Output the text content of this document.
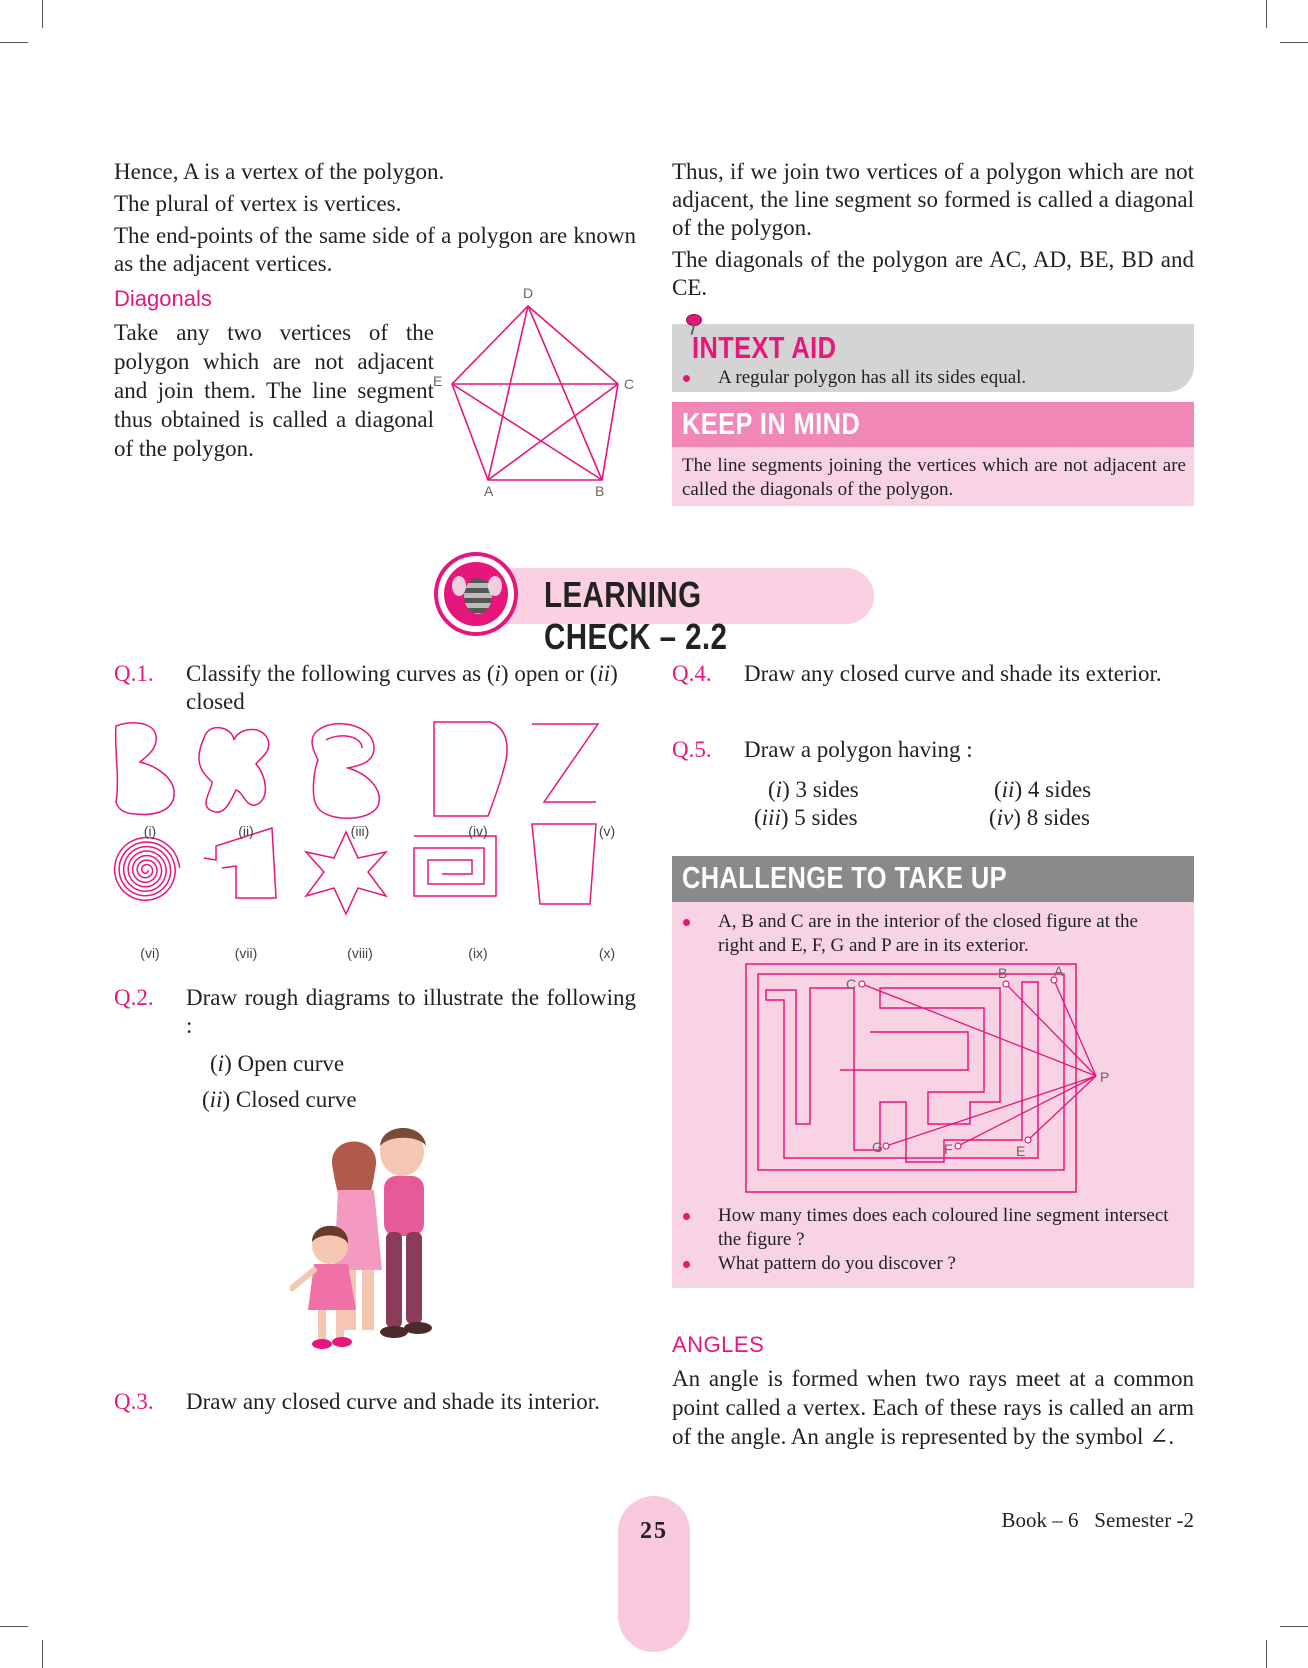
Hence, A is a vertex of the polygon.

The plural of vertex is vertices.

The end-points of the same side of a polygon are known as the adjacent vertices.

Diagonals

Take any two vertices of the polygon which are not adjacent and join them. The line segment thus obtained is called a diagonal of the polygon.

D
C
E
A	B

Thus, if we join two vertices of a polygon which are not adjacent, the line segment so formed is called a diagonal of the polygon.

The diagonals of the polygon are AC, AD, BE, BD and CE.

INTEXT AID
A regular polygon has all its sides equal.
KEEP IN MIND

The line segments joining the vertices which are not adjacent are called the diagonals of the polygon.

LEARNING CHECK – 2.2
Q.1. Classify the following curves as (i) open or (ii) closed
(i)	(ii)	(iii)	(iv)	(v)
(vi)	(vii)	(viii)	(ix)	(x)
Q.2. Draw rough diagrams to illustrate the following :
(i) Open curve
(ii) Closed curve
Q.3. Draw any closed curve and shade its interior.
Q.4. Draw any closed curve and shade its exterior.
Q.5. Draw a polygon having :
(i) 3 sides	(ii) 4 sides
(iii) 5 sides	(iv) 8 sides
CHALLENGE TO TAKE UP
A, B and C are in the interior of the closed figure at the right and E, F, G and P are in its exterior.
C
B	A
P
G	F	E
How many times does each coloured line segment intersect the figure ?
What pattern do you discover ?
ANGLES

An angle is formed when two rays meet at a common point called a vertex. Each of these rays is called an arm of the angle. An angle is represented by the symbol ∠.

25	Book – 6 Semester -2
